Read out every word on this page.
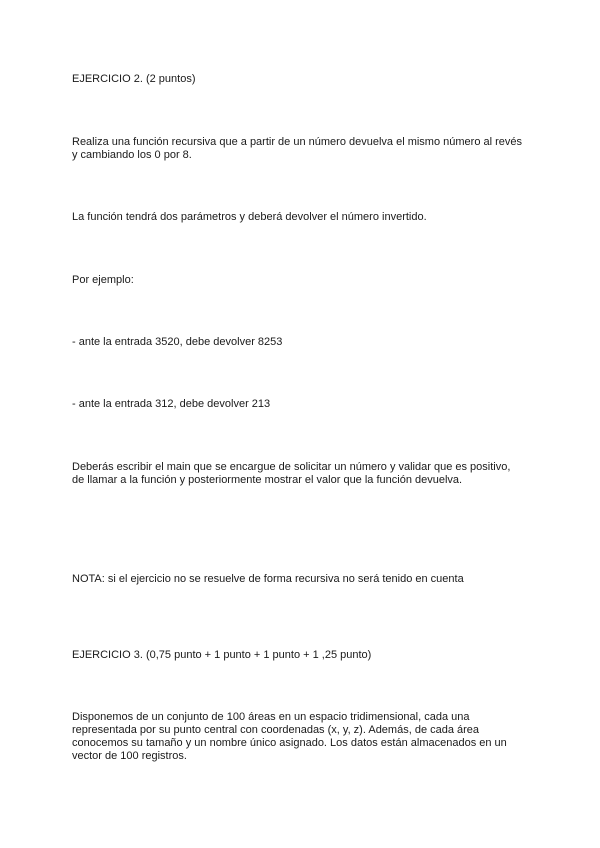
EJERCICIO 2. (2 puntos)

Realiza una función recursiva que a partir de un número devuelva el mismo número al revés
y cambiando los 0 por 8.

La función tendrá dos parámetros y deberá devolver el número invertido.

Por ejemplo:

- ante la entrada 3520, debe devolver 8253

- ante la entrada 312, debe devolver 213

Deberás escribir el main que se encargue de solicitar un número y validar que es positivo,
de llamar a la función y posteriormente mostrar el valor que la función devuelva.

NOTA: si el ejercicio no se resuelve de forma recursiva no será tenido en cuenta

EJERCICIO 3. (0,75 punto + 1 punto + 1 punto + 1 ,25 punto)

Disponemos de un conjunto de 100 áreas en un espacio tridimensional, cada una
representada por su punto central con coordenadas (x, y, z). Además, de cada área
conocemos su tamaño y un nombre único asignado. Los datos están almacenados en un
vector de 100 registros.
